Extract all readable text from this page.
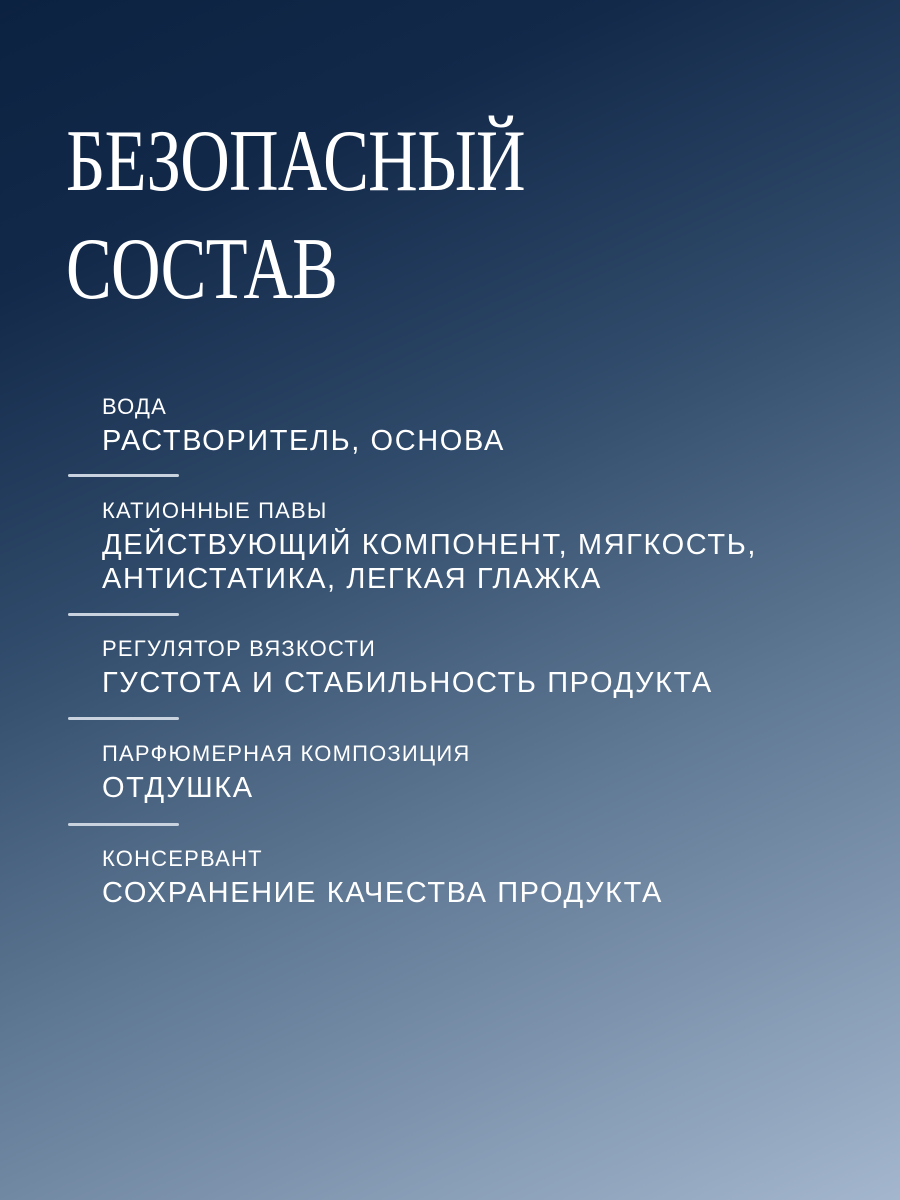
БЕЗОПАСНЫЙ
СОСТАВ
ВОДА
РАСТВОРИТЕЛЬ, ОСНОВА
КАТИОННЫЕ ПАВЫ
ДЕЙСТВУЮЩИЙ КОМПОНЕНТ, МЯГКОСТЬ,
АНТИСТАТИКА, ЛЕГКАЯ ГЛАЖКА
РЕГУЛЯТОР ВЯЗКОСТИ
ГУСТОТА И СТАБИЛЬНОСТЬ ПРОДУКТА
ПАРФЮМЕРНАЯ КОМПОЗИЦИЯ
ОТДУШКА
КОНСЕРВАНТ
СОХРАНЕНИЕ КАЧЕСТВА ПРОДУКТА
